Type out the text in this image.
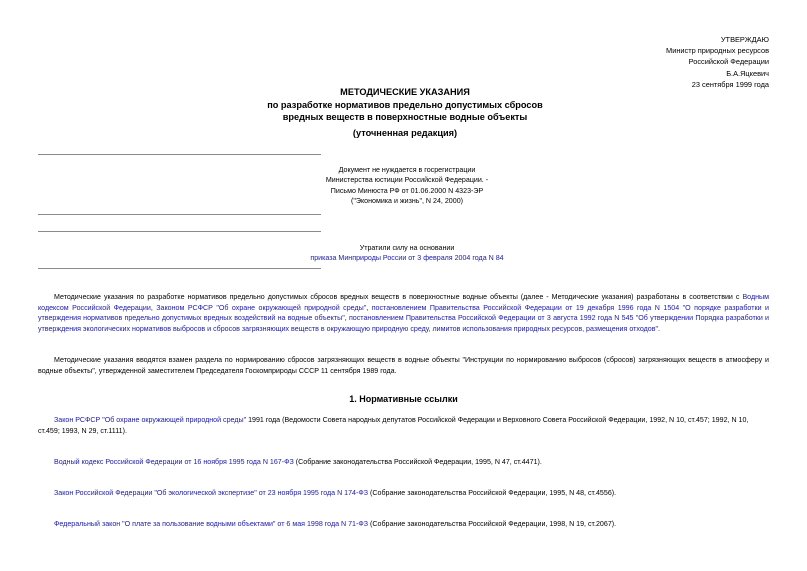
УТВЕРЖДАЮ
Министр природных ресурсов
Российской Федерации
Б.А.Яцкевич
23 сентября 1999 года
МЕТОДИЧЕСКИЕ УКАЗАНИЯ
по разработке нормативов предельно допустимых сбросов
вредных веществ в поверхностные водные объекты
(уточненная редакция)
Документ не нуждается в госрегистрации
Министерства юстиции Российской Федерации. -
Письмо Минюста РФ от 01.06.2000 N 4323-ЭР
("Экономика и жизнь", N 24, 2000)
Утратили силу на основании
приказа Минприроды России от 3 февраля 2004 года N 84
Методические указания по разработке нормативов предельно допустимых сбросов вредных веществ в поверхностные водные объекты (далее - Методические указания) разработаны в соответствии с Водным кодексом Российской Федерации, Законом РСФСР "Об охране окружающей природной среды", постановлением Правительства Российской Федерации от 19 декабря 1996 года N 1504 "О порядке разработки и утверждения нормативов предельно допустимых вредных воздействий на водные объекты", постановлением Правительства Российской Федерации от 3 августа 1992 года N 545 "Об утверждении Порядка разработки и утверждения экологических нормативов выбросов и сбросов загрязняющих веществ в окружающую природную среду, лимитов использования природных ресурсов, размещения отходов".
Методические указания вводятся взамен раздела по нормированию сбросов загрязняющих веществ в водные объекты "Инструкции по нормированию выбросов (сбросов) загрязняющих веществ в атмосферу и водные объекты", утвержденной заместителем Председателя Госкомприроды СССР 11 сентября 1989 года.
1. Нормативные ссылки
Закон РСФСР "Об охране окружающей природной среды" 1991 года (Ведомости Совета народных депутатов Российской Федерации и Верховного Совета Российской Федерации, 1992, N 10, ст.457; 1992, N 10, ст.459; 1993, N 29, ст.1111).
Водный кодекс Российской Федерации от 16 ноября 1995 года N 167-ФЗ (Собрание законодательства Российской Федерации, 1995, N 47, ст.4471).
Закон Российской Федерации "Об экологической экспертизе" от 23 ноября 1995 года N 174-ФЗ (Собрание законодательства Российской Федерации, 1995, N 48, ст.4556).
Федеральный закон "О плате за пользование водными объектами" от 6 мая 1998 года N 71-ФЗ (Собрание законодательства Российской Федерации, 1998, N 19, ст.2067).
